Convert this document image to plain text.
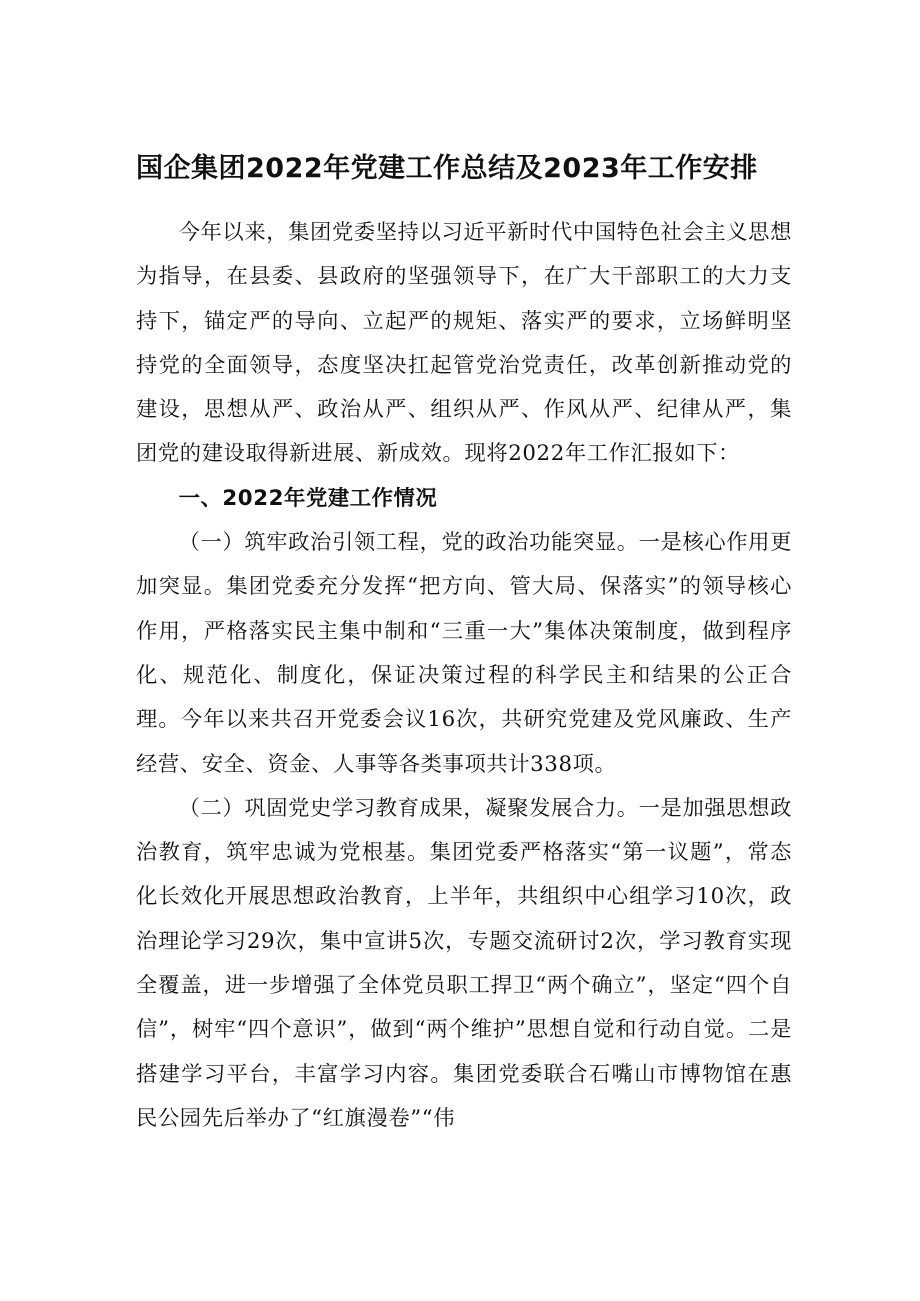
国企集团2022年党建工作总结及2023年工作安排

今年以来，集团党委坚持以习近平新时代中国特色社会主义思想为指导，在县委、县政府的坚强领导下，在广大干部职工的大力支持下，锚定严的导向、立起严的规矩、落实严的要求，立场鲜明坚持党的全面领导，态度坚决扛起管党治党责任，改革创新推动党的建设，思想从严、政治从严、组织从严、作风从严、纪律从严，集团党的建设取得新进展、新成效。现将2022年工作汇报如下：

一、2022年党建工作情况

（一）筑牢政治引领工程，党的政治功能突显。一是核心作用更加突显。集团党委充分发挥“把方向、管大局、保落实”的领导核心作用，严格落实民主集中制和“三重一大”集体决策制度，做到程序化、规范化、制度化，保证决策过程的科学民主和结果的公正合理。今年以来共召开党委会议16次，共研究党建及党风廉政、生产经营、安全、资金、人事等各类事项共计338项。

（二）巩固党史学习教育成果，凝聚发展合力。一是加强思想政治教育，筑牢忠诚为党根基。集团党委严格落实“第一议题”，常态化长效化开展思想政治教育，上半年，共组织中心组学习10次，政治理论学习29次，集中宣讲5次，专题交流研讨2次，学习教育实现全覆盖，进一步增强了全体党员职工捍卫“两个确立”，坚定“四个自信”，树牢“四个意识”，做到“两个维护”思想自觉和行动自觉。二是搭建学习平台，丰富学习内容。集团党委联合石嘴山市博物馆在惠民公园先后举办了“红旗漫卷”“伟
